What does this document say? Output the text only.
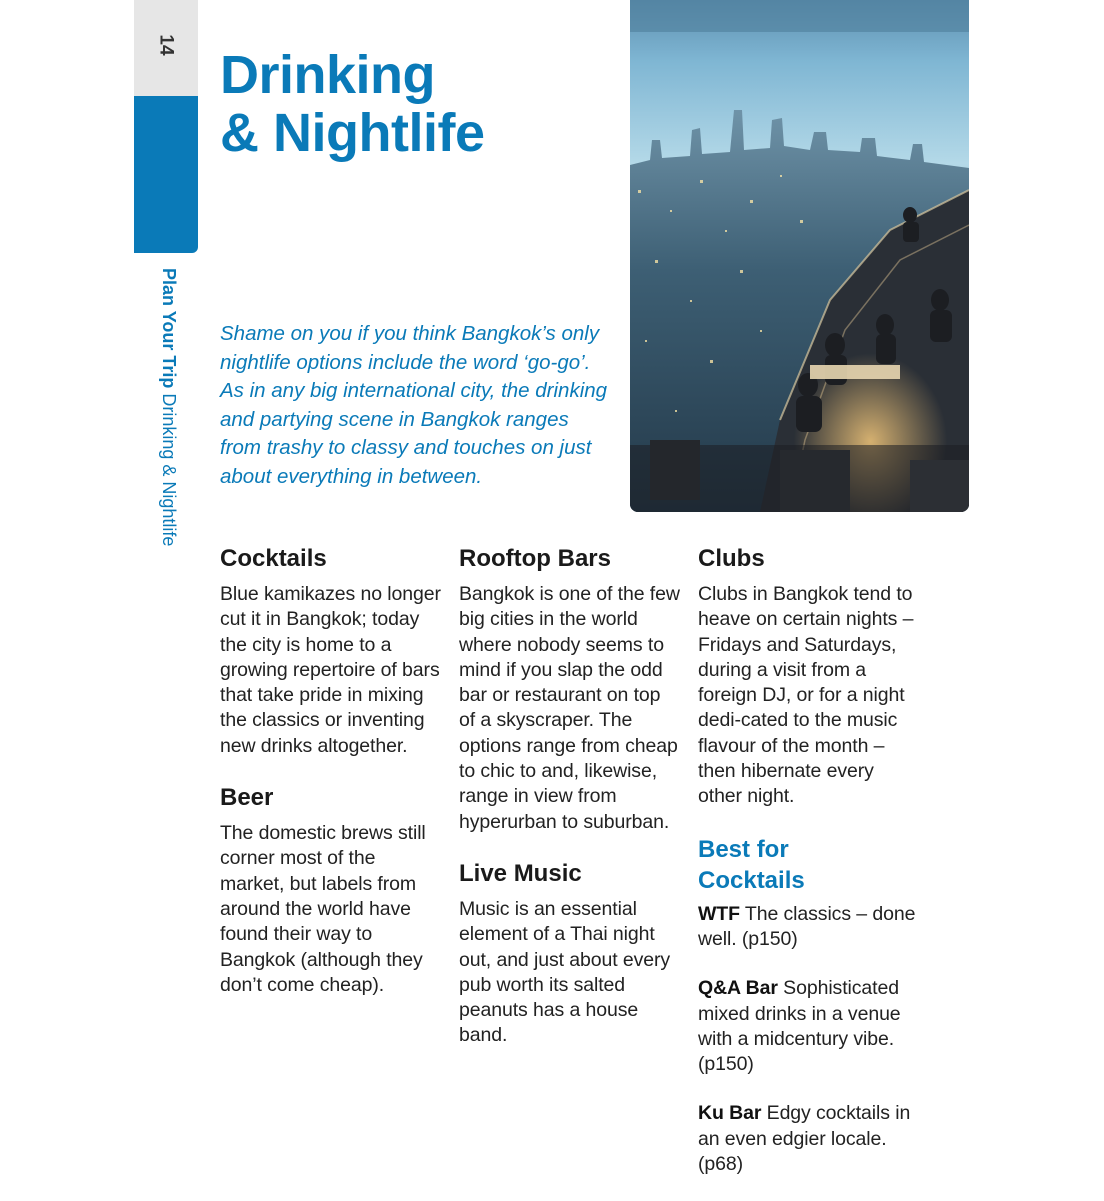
14
Plan Your Trip Drinking & Nightlife
Drinking
& Nightlife

Shame on you if you think Bangkok’s only nightlife options include the word ‘go-go’. As in any big international city, the drinking and partying scene in Bangkok ranges from trashy to classy and touches on just about everything in between.

Cocktails

Blue kamikazes no longer cut it in Bangkok; today the city is home to a growing repertoire of bars that take pride in mixing the classics or inventing new drinks altogether.

Beer

The domestic brews still corner most of the market, but labels from around the world have found their way to Bangkok (although they don’t come cheap).

Rooftop Bars

Bangkok is one of the few big cities in the world where nobody seems to mind if you slap the odd bar or restaurant on top of a skyscraper. The options range from cheap to chic to and, likewise, range in view from hyperurban to suburban.

Live Music

Music is an essential element of a Thai night out, and just about every pub worth its salted peanuts has a house band.

Clubs

Clubs in Bangkok tend to heave on certain nights – Fridays and Saturdays, during a visit from a foreign DJ, or for a night dedi-cated to the music flavour of the month – then hibernate every other night.

Best for
Cocktails

WTF The classics – done well. (p150)

Q&A Bar Sophisticated mixed drinks in a venue with a midcentury vibe. (p150)

Ku Bar Edgy cocktails in an even edgier locale. (p68)
